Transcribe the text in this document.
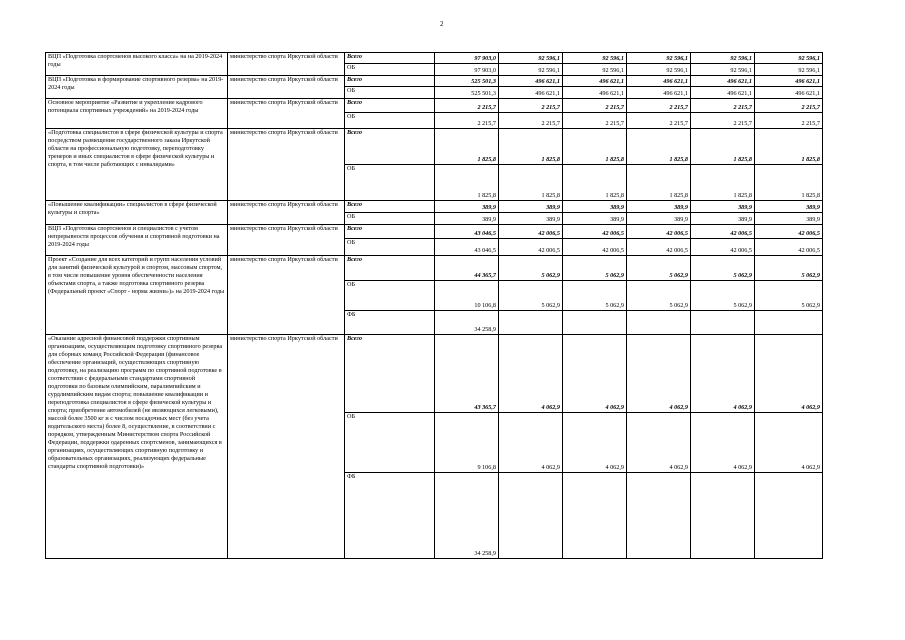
2
ВЦП «Подготовка спортсменов высокого класса» на на 2019-2024 годы	министерство спорта Иркутской области	Всего	97 903,0	92 596,1	92 596,1	92 596,1	92 596,1	92 596,1
		ОБ	97 903,0	92 596,1	92 596,1	92 596,1	92 596,1	92 596,1
ВЦП «Подготовка и формирование спортивного резерва» на 2019-2024 годы	министерство спорта Иркутской области	Всего	525 501,3	496 621,1	496 621,1	496 621,1	496 621,1	496 621,1
		ОБ	525 501,3	496 621,1	496 621,1	496 621,1	496 621,1	496 621,1
Основное мероприятие «Развитие и укрепление кадрового потенциала спортивных учреждений» на 2019-2024 годы	министерство спорта Иркутской области	Всего	2 215,7	2 215,7	2 215,7	2 215,7	2 215,7	2 215,7
		ОБ	2 215,7	2 215,7	2 215,7	2 215,7	2 215,7	2 215,7
«Подготовка специалистов в сфере физической культуры и спорта посредством размещения государственного заказа Иркутской области на профессиональную подготовку, переподготовку тренеров и иных специалистов в сфере физической культуры и спорта, в том числе работающих с инвалидами»	министерство спорта Иркутской области	Всего	1 825,8	1 825,8	1 825,8	1 825,8	1 825,8	1 825,8
		ОБ	1 825,8	1 825,8	1 825,8	1 825,8	1 825,8	1 825,8
«Повышение квалификации» специалистов в сфере физической культуры и спорта»	министерство спорта Иркутской области	Всего	389,9	389,9	389,9	389,9	389,9	389,9
		ОБ	389,9	389,9	389,9	389,9	389,9	389,9
ВЦП «Подготовка спортсменов и специалистов с учетом непрерывности процессов обучения и спортивной подготовки на 2019-2024 годы	министерство спорта Иркутской области	Всего	43 046,5	42 006,5	42 006,5	42 006,5	42 006,5	42 006,5
		ОБ	43 046,5	42 006,5	42 006,5	42 006,5	42 006,5	42 006,5
Проект «Создание для всех категорий и групп населения условий для занятий физической культурой и спортом, массовым спортом, в том числе повышение уровня обеспеченности населения объектами спорта, а также подготовка спортивного резерва (Федеральный проект «Спорт - норма жизни»)» на 2019-2024 годы	министерство спорта Иркутской области	Всего	44 365,7	5 062,9	5 062,9	5 062,9	5 062,9	5 062,9
		ОБ	10 106,8	5 062,9	5 062,9	5 062,9	5 062,9	5 062,9
		ФБ	34 258,9					
«Оказание адресной финансовой поддержки спортивным организациям, осуществляющим подготовку спортивного резерва для сборных команд Российской Федерации (финансовое обеспечение организаций, осуществляющих спортивную подготовку, на реализацию программ по спортивной подготовке в соответствии с федеральными стандартами спортивной подготовки по базовым олимпийским, паралимпийским и сурдлимпийским видам спорта; повышение квалификации и переподготовка специалистов в сфере физической культуры и спорта; приобретение автомобилей (не являющихся легковыми), массой более 3500 кг и с числом посадочных мест (без учета водительского места) более 8, осуществление, в соответствии с порядком, утвержденным Министерством спорта Российской Федерации, поддержки одаренных спортсменов, занимающихся в организациях, осуществляющих спортивную подготовку и образовательных организациях, реализующих федеральные стандарты спортивной подготовки)»	министерство спорта Иркутской области	Всего	43 365,7	4 062,9	4 062,9	4 062,9	4 062,9	4 062,9
		ОБ	9 106,8	4 062,9	4 062,9	4 062,9	4 062,9	4 062,9
		ФБ	34 258,9					
